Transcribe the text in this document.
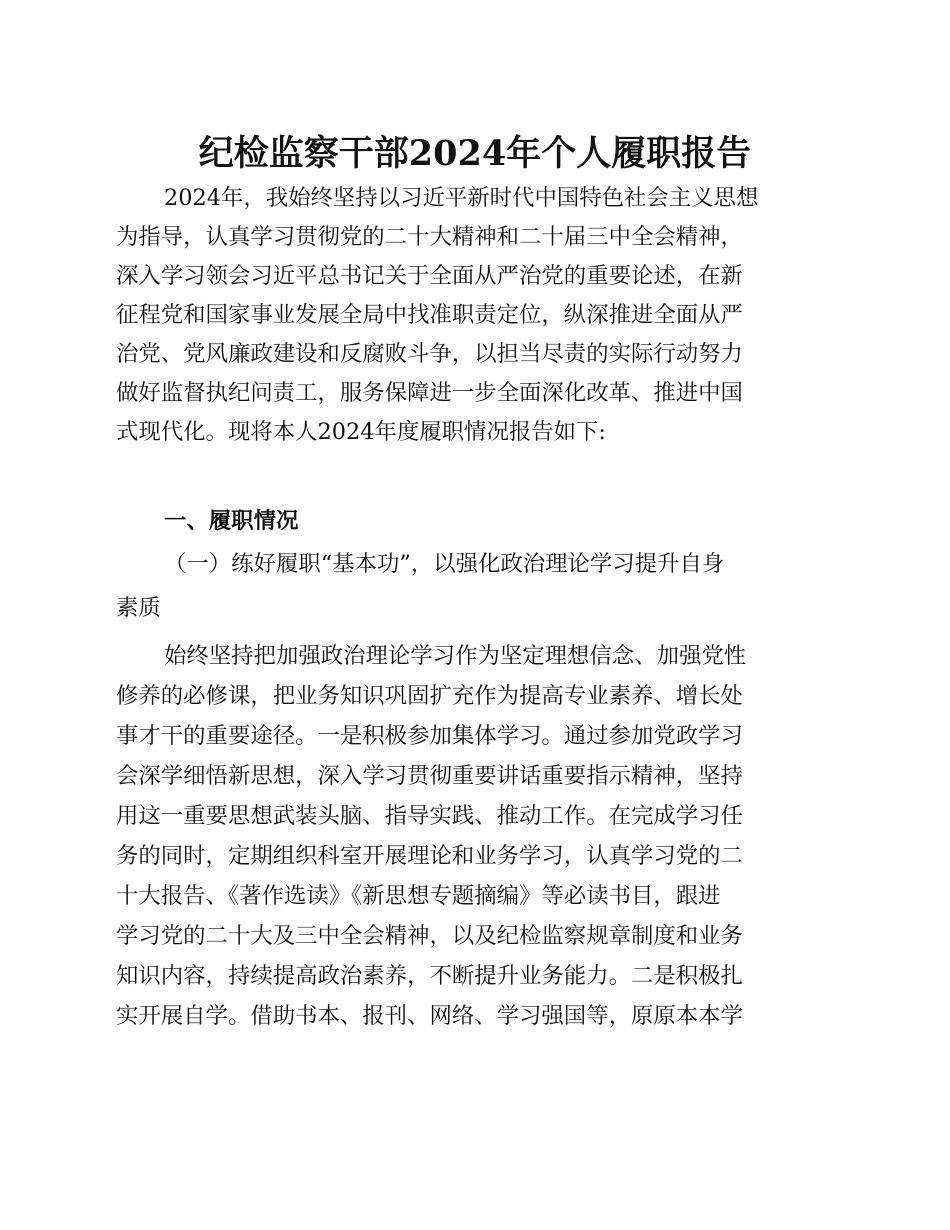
纪检监察干部2024年个人履职报告
2024年，我始终坚持以习近平新时代中国特色社会主义思想
为指导，认真学习贯彻党的二十大精神和二十届三中全会精神，
深入学习领会习近平总书记关于全面从严治党的重要论述，在新
征程党和国家事业发展全局中找准职责定位，纵深推进全面从严
治党、党风廉政建设和反腐败斗争，以担当尽责的实际行动努力
做好监督执纪问责工，服务保障进一步全面深化改革、推进中国
式现代化。现将本人2024年度履职情况报告如下:
一、履职情况
（一）练好履职“基本功”，以强化政治理论学习提升自身
素质
始终坚持把加强政治理论学习作为坚定理想信念、加强党性
修养的必修课，把业务知识巩固扩充作为提高专业素养、增长处
事才干的重要途径。一是积极参加集体学习。通过参加党政学习
会深学细悟新思想，深入学习贯彻重要讲话重要指示精神，坚持
用这一重要思想武装头脑、指导实践、推动工作。在完成学习任
务的同时，定期组织科室开展理论和业务学习，认真学习党的二
十大报告、《著作选读》《新思想专题摘编》等必读书目，跟进
学习党的二十大及三中全会精神，以及纪检监察规章制度和业务
知识内容，持续提高政治素养，不断提升业务能力。二是积极扎
实开展自学。借助书本、报刊、网络、学习强国等，原原本本学
